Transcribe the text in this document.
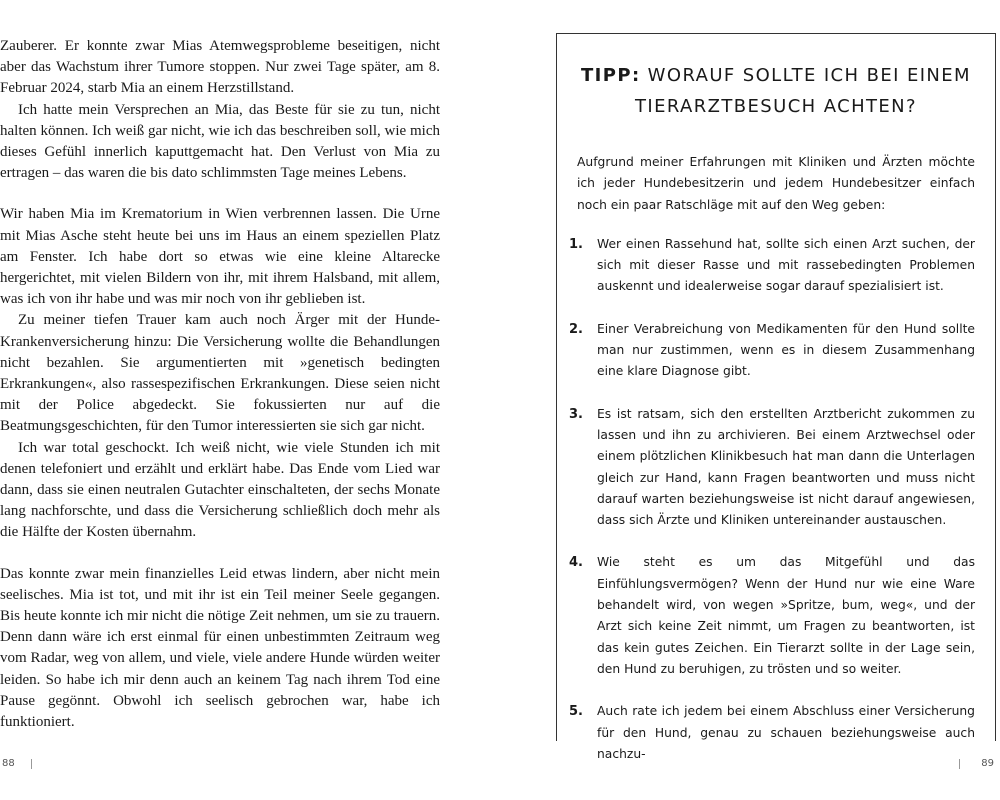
Zauberer. Er konnte zwar Mias Atemwegsprobleme beseitigen, nicht aber das Wachstum ihrer Tumore stoppen. Nur zwei Tage später, am 8. Februar 2024, starb Mia an einem Herzstillstand.

Ich hatte mein Versprechen an Mia, das Beste für sie zu tun, nicht halten können. Ich weiß gar nicht, wie ich das beschreiben soll, wie mich dieses Gefühl innerlich kaputtgemacht hat. Den Verlust von Mia zu ertragen – das waren die bis dato schlimmsten Tage meines Lebens.

Wir haben Mia im Krematorium in Wien verbrennen lassen. Die Urne mit Mias Asche steht heute bei uns im Haus an einem speziellen Platz am Fenster. Ich habe dort so etwas wie eine kleine Altarecke hergerichtet, mit vielen Bildern von ihr, mit ihrem Halsband, mit allem, was ich von ihr habe und was mir noch von ihr geblieben ist.

Zu meiner tiefen Trauer kam auch noch Ärger mit der Hunde-Krankenversicherung hinzu: Die Versicherung wollte die Behandlungen nicht bezahlen. Sie argumentierten mit »genetisch bedingten Erkrankungen«, also rassespezifischen Erkrankungen. Diese seien nicht mit der Police abgedeckt. Sie fokussierten nur auf die Beatmungsgeschichten, für den Tumor interessierten sie sich gar nicht.

Ich war total geschockt. Ich weiß nicht, wie viele Stunden ich mit denen telefoniert und erzählt und erklärt habe. Das Ende vom Lied war dann, dass sie einen neutralen Gutachter einschalteten, der sechs Monate lang nachforschte, und dass die Versicherung schließlich doch mehr als die Hälfte der Kosten übernahm.

Das konnte zwar mein finanzielles Leid etwas lindern, aber nicht mein seelisches. Mia ist tot, und mit ihr ist ein Teil meiner Seele gegangen. Bis heute konnte ich mir nicht die nötige Zeit nehmen, um sie zu trauern. Denn dann wäre ich erst einmal für einen unbestimmten Zeitraum weg vom Radar, weg von allem, und viele, viele andere Hunde würden weiter leiden. So habe ich mir denn auch an keinem Tag nach ihrem Tod eine Pause gegönnt. Obwohl ich seelisch gebrochen war, habe ich funktioniert.

88
TIPP: WORAUF SOLLTE ICH BEI EINEM TIERARZTBESUCH ACHTEN?

Aufgrund meiner Erfahrungen mit Kliniken und Ärzten möchte ich jeder Hundebesitzerin und jedem Hundebesitzer einfach noch ein paar Ratschläge mit auf den Weg geben:

1.	Wer einen Rassehund hat, sollte sich einen Arzt suchen, der sich mit dieser Rasse und mit rassebedingten Problemen auskennt und idealerweise sogar darauf spezialisiert ist.
2.	Einer Verabreichung von Medikamenten für den Hund sollte man nur zustimmen, wenn es in diesem Zusammenhang eine klare Diagnose gibt.
3.	Es ist ratsam, sich den erstellten Arztbericht zukommen zu lassen und ihn zu archivieren. Bei einem Arztwechsel oder einem plötzlichen Klinikbesuch hat man dann die Unterlagen gleich zur Hand, kann Fragen beantworten und muss nicht darauf warten beziehungsweise ist nicht darauf angewiesen, dass sich Ärzte und Kliniken untereinander austauschen.
4.	Wie steht es um das Mitgefühl und das Einfühlungsvermögen? Wenn der Hund nur wie eine Ware behandelt wird, von wegen »Spritze, bum, weg«, und der Arzt sich keine Zeit nimmt, um Fragen zu beantworten, ist das kein gutes Zeichen. Ein Tierarzt sollte in der Lage sein, den Hund zu beruhigen, zu trösten und so weiter.
5.	Auch rate ich jedem bei einem Abschluss einer Versicherung für den Hund, genau zu schauen beziehungsweise auch nachzu-
89
